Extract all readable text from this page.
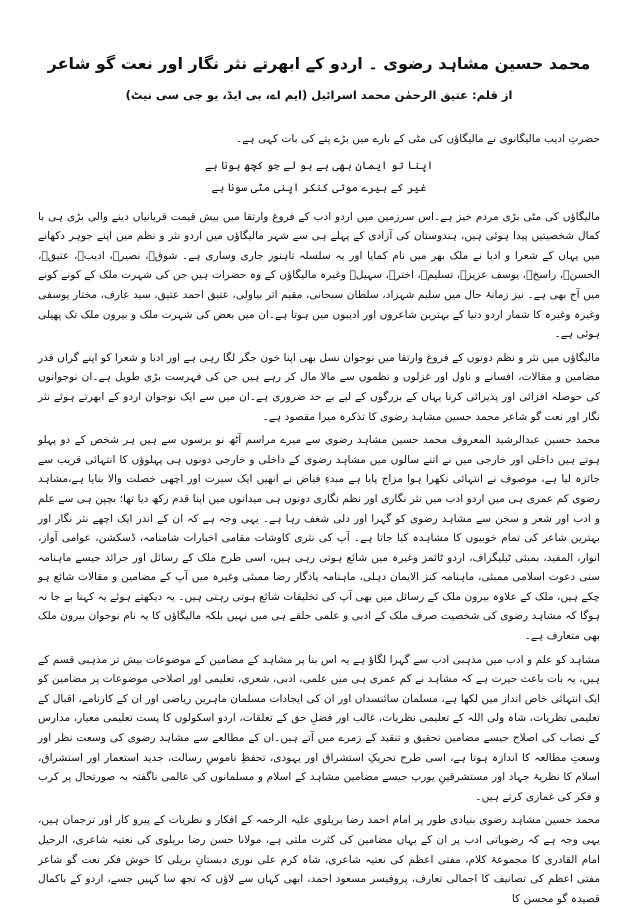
محمد حسین مشاہد رضوی ۔ اردو کے ابھرتے نثر نگار اور نعت گو شاعر
از قلم: عتیق الرحمٰن محمد اسرائیل (ایم اے، بی ایڈ، یو جی سی نیٹ)

حضرتِ ادیب مالیگانوی نے مالیگاؤں کی مٹی کے بارے میں بڑے پتے کی بات کہی ہے۔

اپنا تو ایمان بھی ہے ہو لے جو کچھ ہونا ہے
غیر کے ہیرے موتی کنکر اپنی مٹی سونا ہے

مالیگاؤں کی مٹی بڑی مردم خیز ہے۔اس سرزمین میں اردو ادب کے فروغ وارتقا میں بیش قیمت قربانیاں دینے والی بڑی ہی با کمال شخصیتیں پیدا ہوئی ہیں، ہندوستان کی آزادی کے پہلے ہی سے شہر مالیگاؤں میں اردو نثر و نظم میں اپنے جوہر دکھانے میں یہاں کے شعرا و ادبا نے ملک بھر میں نام کمایا اور یہ سلسلہ تاہنوز جاری وساری ہے۔ شوقؔ، نصیرؔ، ادیبؔ، عتیقؔ، الحسنؔ، راسخؔ، یوسف عزیزؔ، تسلیمؔ، اخترؔ، سہیلؔ وغیرہ مالیگاؤں کے وہ حضرات ہیں جن کی شہرت ملک کے کونے کونے میں آج بھی ہے۔ نیز زمانۂ حال میں سلیم شہزاد، سلطان سبحانی، مقیم اثر بیاولی، عتیق احمد عتیق، سید عارف، مختار یوسفی وغیرہ وغیرہ کا شمار اردو دنیا کے بہترین شاعروں اور ادیبوں میں ہوتا ہے۔ان میں بعض کی شہرت ملک و بیرون ملک تک پھیلی ہوئی ہے۔

مالیگاؤں میں نثر و نظم دونوں کے فروغ وارتقا میں نوجوان نسل بھی اپنا خون جگر لگا رہی ہے اور ادبا و شعرا کو اپنے گراں قدر مضامین و مقالات، افسانے و ناول اور غزلوں و نظموں سے مالا مال کر رہے ہیں جن کی فہرست بڑی طویل ہے۔ان نوجوانوں کی حوصلہ افزائی اور پذیرائی کرنا یہاں کے بزرگوں کے لیے بے حد ضروری ہے۔ان میں سے ایک نوجوان اردو کے ابھرتے ہوئے نثر نگار اور نعت گو شاعر محمد حسین مشاہد رضوی کا تذکرہ میرا مقصود ہے۔

محمد حسین عبدالرشید المعروف محمد حسین مشاہد رضوی سے میرے مراسم آٹھ نو برسوں سے ہیں ہر شخص کے دو پہلو ہوتے ہیں داخلی اور خارجی میں نے اتنے سالوں میں مشاہد رضوی کے داخلی و خارجی دونوں ہی پہلوؤں کا انتہائی قریب سے جائزہ لیا ہے، موصوف نے انتہائی نکھرا ہوا مزاج پایا ہے مبدءِ فیاض نے انھیں ایک سیرت اور اچھی خصلت والا بنایا ہے،مشاہد رضوی کم عمری ہی میں اردو ادب میں نثر نگاری اور نظم نگاری دونوں ہی میدانوں میں اپنا قدم رکھ دیا تھا؛ بچپن ہی سے علم و ادب اور شعر و سخن سے مشاہد رضوی کو گہرا اور دلی شغف رہا ہے۔ یہی وجہ ہے کہ ان کے اندر ایک اچھے نثر نگار اور بہترین شاعر کی تمام خوبیوں کا مشاہدہ کیا جاتا ہے۔ آپ کی نثری کاوشات مقامی اخبارات شامنامہ، ڈسکشن، عوامی آواز، انوار، المفید، بمبئی ٹیلیگراف، اردو ٹائمز وغیرہ میں شائع ہوتی رہی ہیں، اسی طرح ملک کے رسائل اور جرائد جیسے ماہنامہ سنی دعوت اسلامی ممبئی، ماہنامہ کنز الایمان دہلی، ماہنامہ یادگار رضا ممبئی وغیرہ میں آپ کے مضامین و مقالات شائع ہو چکے ہیں، ملک کے علاوہ بیرون ملک کے رسائل میں بھی آپ کی تخلیقات شائع ہوتی رہتی ہیں۔ یہ دیکھتے ہوئے یہ کہنا بے جا نہ ہوگا کہ مشاہد رضوی کی شخصیت صرف ملک کے ادبی و علمی حلقے ہی میں نہیں بلکہ مالیگاؤں کا یہ نام نوجوان بیرون ملک بھی متعارف ہے۔

مشاہد کو علم و ادب میں مذہبی ادب سے گہرا لگاؤ ہے یہ اس بنا پر مشاہد کے مضامین کے موضوعات بیش تر مذہبی قسم کے ہیں، یہ بات باعث حیرت ہے کہ مشاہد نے کم عمری ہی میں علمی، ادبی، شعری، تعلیمی اور اصلاحی موضوعات پر مضامین کو ایک انتہائی خاص انداز میں لکھا ہے، مسلمان سائنسداں اور ان کی ایجادات مسلمان ماہرین ریاضی اور ان کے کارنامے، اقبال کے تعلیمی نظریات، شاہ ولی اللہ کے تعلیمی نظریات، غالب اور فضلِ حق کے تعلقات، اردو اسکولوں کا پست تعلیمی معیار، مدارس کے نصاب کی اصلاح جیسے مضامین تحقیق و تنقید کے زمرے میں آتے ہیں۔ان کے مطالعے سے مشاہد رضوی کی وسعت نظر اور وسعتِ مطالعہ کا اندازہ ہوتا ہے، اسی طرح تحریکِ استشراق اور یہودی، تحفظِ ناموسِ رسالت، جدید استعمار اور استشراق، اسلام کا نظریۂ جہاد اور مستشرقینِ یورپ جیسے مضامین مشاہد کے اسلام و مسلمانوں کی عالمی ناگفتہ بہ صورتحال پر کرب و فکر کی غمازی کرتے ہیں۔

محمد حسین مشاہد رضوی بنیادی طور پر امام احمد رضا بریلوی علیہ الرحمہ کے افکار و نظریات کے پیرو کار اور ترجمان ہیں، یہی وجہ ہے کہ رضویاتی ادب پر ان کے یہاں مضامین کی کثرت ملتی ہے، مولانا حسن رضا بریلوی کی نعتیہ شاعری، الرحیل امام القادری کا مجموعۂ کلام، مفتی اعظم کی نعتیہ شاعری، شاہ کرم علی نوری دبستانِ بریلی کا خوش فکر نعت گو شاعر مفتی اعظم کی تصانیف کا اجمالی تعارف، پروفیسر مسعود احمد، ابھی کہاں سے لاؤں کہ تجھ سا کہیں جسے، اردو کے باکمال قصیدہ گو محسن کا
